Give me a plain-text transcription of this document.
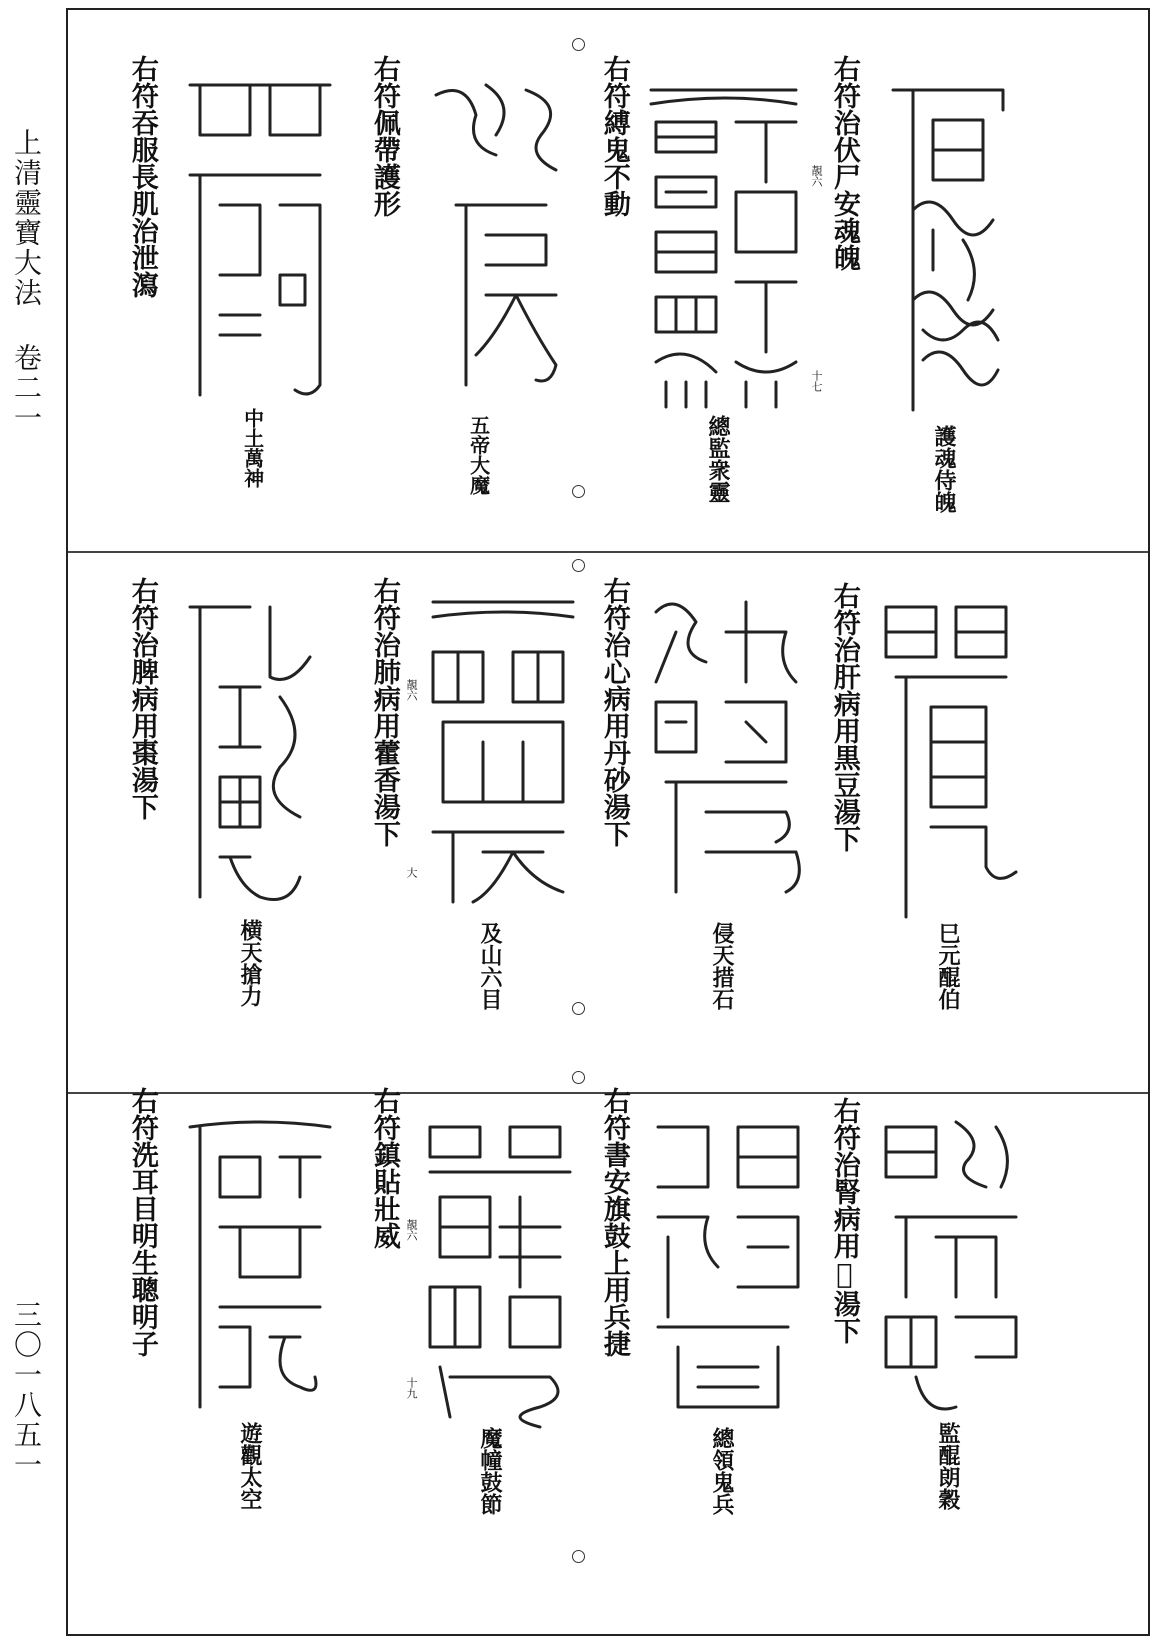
上清靈寶大法 卷二一
三〇一八五一
右符治伏尸安魂魄
護魂侍魄
右符縛鬼不動	靚六
十七
總監衆靈
右符佩帶護形
五帝大魔
右符吞服長肌治泄瀉
中土萬神
右符治肝病用黒豆湯下
巳元醌伯
右符治心病用丹砂湯下
侵天措石
靚六
大
右符治肺病用藿香湯下
及山六目
右符治脾病用棗湯下
横天搶力
右符治腎病用𥣃湯下
監醌朗穀
右符書安旗鼓上用兵捷
總領鬼兵
靚六
十九
右符鎮貼壯威
魔幢鼓節
右符洗耳目明生聰明子
遊觀太空
